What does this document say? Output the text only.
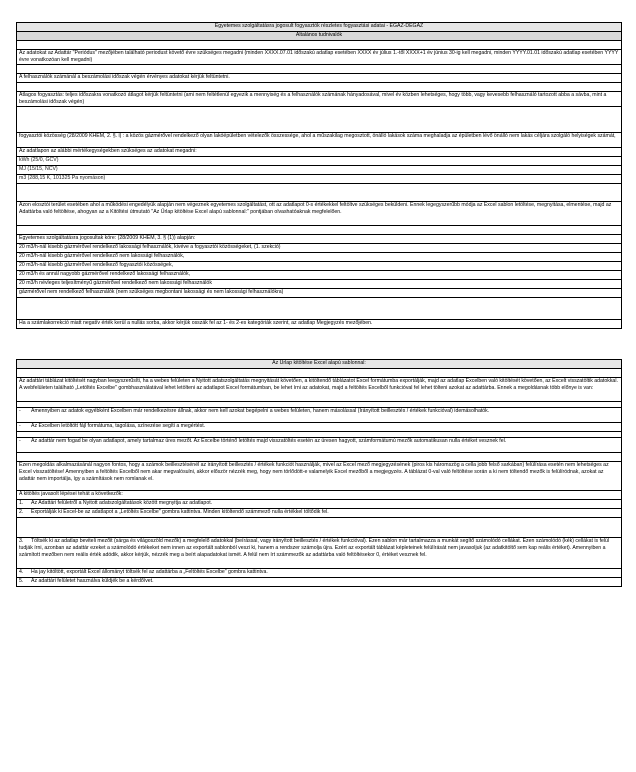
Egyetemes szolgáltatásra jogosult fogyasztók részletes fogyasztási adatai - ÉGÁZ-DÉGÁZ
Általános tudnivalók
Az adatokat az Adattár "Periódus" mezőjében található periodust követő évre szükséges megadni (minden XXXX.07.01 időszakú adatlap esetében XXXX év július 1.-től XXXX+1 év június 30-ig kell megadni, minden YYYY.01.01 időszakú adatlap esetében YYYY évre vonatkozóan kell megadni)
A felhasználók számánál a beszámolási időszak végén érvényes adatokat kérjük feltüntetni.
Átlagos fogyasztás: teljes időszakra vonatkozó átlagot kérjük feltüntetni (ami nem feltétlenül egyezik a mennyiség és a felhasználók számának hányadosával, mivel év közben lehetséges, hogy több, vagy kevesebb felhasználó tartozott abba a sávba, mint a beszámolási időszak végén)
fogyasztói közösség (28/2009 KHEM, 2. §. i) : a közös gázmérővel rendelkező olyan lakóépületben vételezők összessége, ahol a műszakilag megosztott, önálló lakások száma meghaladja az épületben lévő önálló nem lakás céljára szolgáló helyiségek számát,
Az adatlapon az alábbi mértékegységekben szükséges az adatokat megadni:
kWh (25/0, GCV)
MJ (15/15, NCV)
m3 (288,15 K, 101325 Pa nyomáson)
Azon elosztói terület esetében ahol a működési engedélyük alapján nem végeznek egyetemes szolgáltatást, ott az adatlapot 0-s értékekkel feltöltve szükséges beküldeni. Ennek legegyszerűbb módja az Excel sablon letöltése, megnyitása, elmentése, majd az Adattárba való feltöltése, ahogyan az a Kitöltési útmutató "Az Űrlap kitöltése Excel alapú sablonnal:" pontjában olvashatóaknak megfelelően.
Egyetemes szolgáltatásra jogosultak köre: (28/2009 KHEM, 3. § (1)) alapján:
20 m3/h-nál kisebb gázmérővel rendelkező lakossági felhasználók, kivéve a fogyasztói közösségeket, (1. szekció)
20 m3/h-nál kisebb gázmérővel rendelkező nem lakossági felhasználók,
20 m3/h-nál kisebb gázmérővel rendelkező fogyasztói közösségek,
20 m3/h és annál nagyobb gázmérővel rendelkező lakossági felhasználók,
20 m3/h névleges teljesítményű gázmérővel rendelkező nem lakossági felhasználók
gázmérővel nem rendelkező felhasználók (nem szükséges megbontani lakossági és nem lakossági felhasználókra)
Ha a számlakorrekció miatt negatív érték kerül a nullás sorba, akkor kérjük osszák fel az 1- és 2-es kategóriák szerint, az adatlap Megjegyzés mezőjében.
Az Űrlap kitöltése Excel alapú sablonnal:
Az adattári táblázat kitöltését nagyban leegyszerűsíti, ha a webes felületen a Nyitott adatszolgáltatás megnyitását követően, a kitöltendő táblázatot Excel formátumba exportálják, majd az adatlap Excelben való kitöltését követően, az Excelt visszatöltik adatokkal. A webfelületen található „Letöltés Excelbe" gombhasználatával lehet letölteni az adatlapot Excel formátumban, be lehet írni az adatokat, majd a feltöltés Excelből funkcióval fel lehet tölteni azokat az adattárba. Ennek a megoldásnak több előnye is van:
- Amennyiben az adatok egyébként Excelben már rendelkezésre állnak, akkor nem kell azokat begépelni a webes felületen, hanem másolással (Irányított beillesztés / értékek funkcióval) idemásolhatók.
- Az Excelben letöltött fájl formátuma, tagolása, színezése segíti a megértést.
- Az adattár nem fogad be olyan adatlapot, amely tartalmaz üres mezőt. Az Excelbe történő letöltés majd visszatöltés esetén az üresen hagyott, számformátumú mezők automatikusan nulla értéket vesznek fel.
Ezen megoldás alkalmazásánál nagyon fontos, hogy a számok beillesztésénél az irányított beillesztés / értékek funkciót használják, mivel az Excel mező megjegyzésének (piros kis háromszög a cella jobb felső sarkában) felülírása esetén nem lehetséges az Excel visszatöltése! Amennyiben a feltöltés Excelből nem akar megvalósulni, akkor először nézzék meg, hogy nem törlődött-e valamelyik Excel mezőből a megjegyzés. A táblázat 0-val való feltöltése során a ki nem töltendő mezők is felülíródnak, azokat az adattár nem importálja, így a számítások nem romlanak el.
A kitöltés javasolt lépései tehát a következők:
1. Az Adattári felületről a Nyitott adatszolgáltatások között megnyitja az adatlapot.
2. Exportálják ki Excel-be az adatlapot a „Letöltés Excelbe" gombra kattintva. Minden kitöltendő számmező nulla értékkel töltődik fel.
3. Töltsék ki az adatlap beviteli mezőit (sárga és világoszöld mezők) a megfelelő adatokkal (beírással, vagy irányított beillesztés / értékek funkcióval). Ezen sablon már tartalmazza a munkát segítő számolódó cellákat. Ezen számolódó (kék) cellákat is felül tudják írni, azonban az adattár ezeket a számolódó értékeket nem innen az exportált sablonból veszi ki, hanem a rendszer számolja újra. Ezért az exportált táblázat képleteinek felülírását nem javasoljuk (az adatkitöltő sem kap reális értéket). Amennyiben a számított mezőben nem reális érték adódik, akkor kérjük, nézzék meg a beírt alapadatokat ismét. A felül nem írt számmezők az adattárba való feltöltésekor 0, értéket vesznek fel.
4. Ha jay kitöltött, exportált Excel állományt töltsék fel az adattárba a „Feltöltés Excelbe" gombra kattintva.
5. Az adattári felületet használva küldjék be a kérdőívet.
